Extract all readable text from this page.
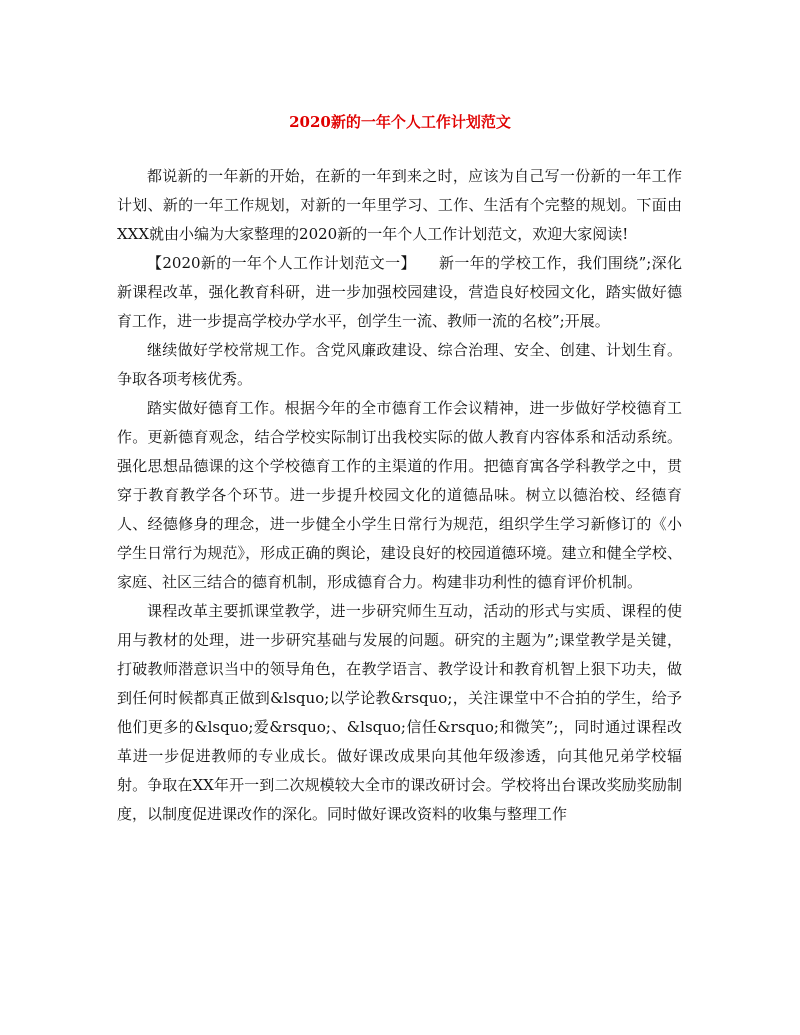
2020新的一年个人工作计划范文

都说新的一年新的开始，在新的一年到来之时，应该为自己写一份新的一年工作计划、新的一年工作规划，对新的一年里学习、工作、生活有个完整的规划。下面由XXX就由小编为大家整理的2020新的一年个人工作计划范文，欢迎大家阅读!

【2020新的一年个人工作计划范文一】　　新一年的学校工作，我们围绕”;深化新课程改革，强化教育科研，进一步加强校园建设，营造良好校园文化，踏实做好德育工作，进一步提高学校办学水平，创学生一流、教师一流的名校”;开展。

继续做好学校常规工作。含党风廉政建设、综合治理、安全、创建、计划生育。争取各项考核优秀。

踏实做好德育工作。根据今年的全市德育工作会议精神，进一步做好学校德育工作。更新德育观念，结合学校实际制订出我校实际的做人教育内容体系和活动系统。强化思想品德课的这个学校德育工作的主渠道的作用。把德育寓各学科教学之中，贯穿于教育教学各个环节。进一步提升校园文化的道德品味。树立以德治校、经德育人、经德修身的理念，进一步健全小学生日常行为规范，组织学生学习新修订的《小学生日常行为规范》，形成正确的舆论，建设良好的校园道德环境。建立和健全学校、家庭、社区三结合的德育机制，形成德育合力。构建非功利性的德育评价机制。

课程改革主要抓课堂教学，进一步研究师生互动，活动的形式与实质、课程的使用与教材的处理，进一步研究基础与发展的问题。研究的主题为”;课堂教学是关键，打破教师潜意识当中的领导角色，在教学语言、教学设计和教育机智上狠下功夫，做到任何时候都真正做到&lsquo;以学论教&rsquo;，关注课堂中不合拍的学生，给予他们更多的&lsquo;爱&rsquo;、&lsquo;信任&rsquo;和微笑”;，同时通过课程改革进一步促进教师的专业成长。做好课改成果向其他年级渗透，向其他兄弟学校辐射。争取在XX年开一到二次规模较大全市的课改研讨会。学校将出台课改奖励奖励制度，以制度促进课改作的深化。同时做好课改资料的收集与整理工作
